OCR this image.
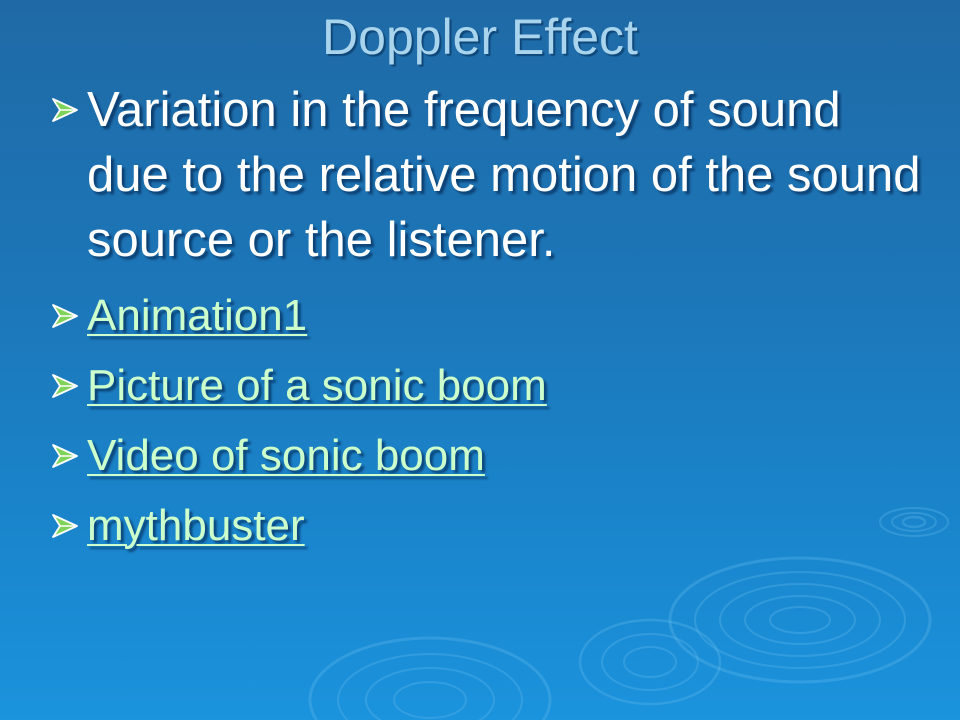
Doppler Effect
Variation in the frequency of sound due to the relative motion of the sound source or the listener.
Animation1
Picture of a sonic boom
Video of sonic boom
mythbuster
